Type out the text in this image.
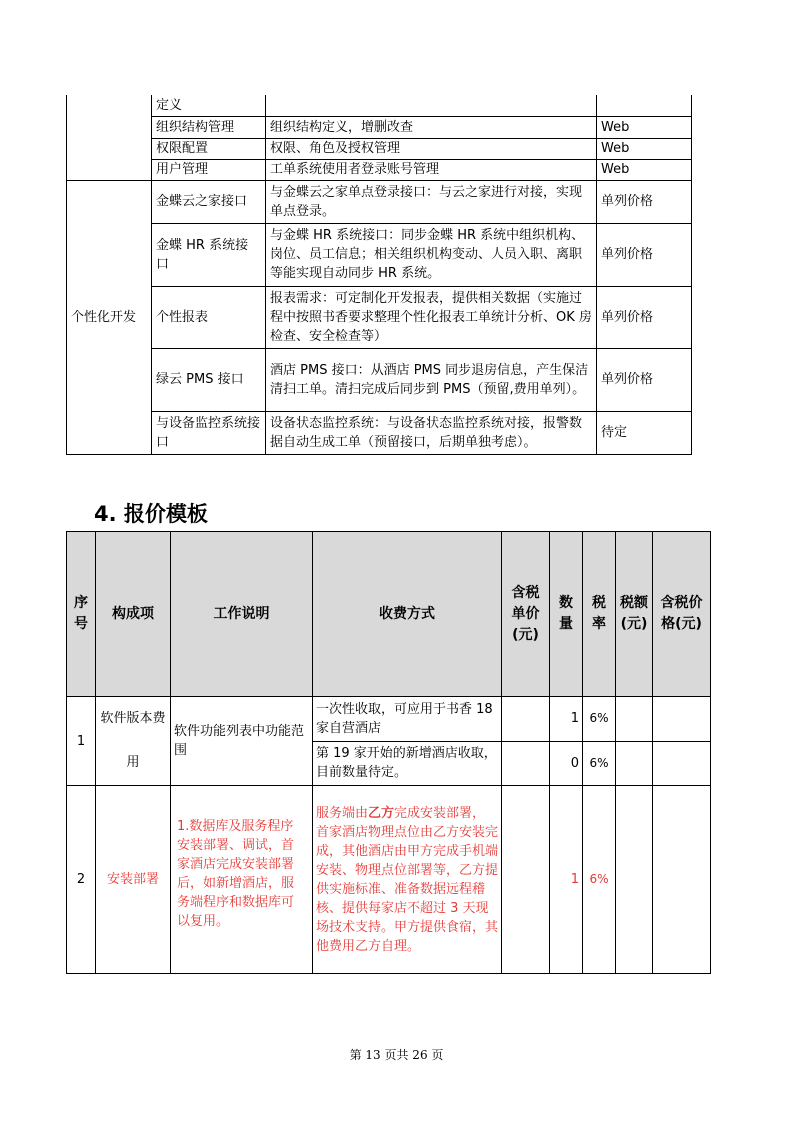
	定义		
	组织结构管理	组织结构定义，增删改查	Web
	权限配置	权限、角色及授权管理	Web
	用户管理	工单系统使用者登录账号管理	Web
个性化开发	金蝶云之家接口	与金蝶云之家单点登录接口：与云之家进行对接，实现单点登录。	单列价格
	金蝶 HR 系统接口	与金蝶 HR 系统接口：同步金蝶 HR 系统中组织机构、岗位、员工信息；相关组织机构变动、人员入职、离职等能实现自动同步 HR 系统。	单列价格
	个性报表	报表需求：可定制化开发报表，提供相关数据（实施过程中按照书香要求整理个性化报表工单统计分析、OK 房检查、安全检查等）	单列价格
	绿云 PMS 接口	酒店 PMS 接口：从酒店 PMS 同步退房信息，产生保洁清扫工单。清扫完成后同步到 PMS（预留,费用单列）。	单列价格
	与设备监控系统接口	设备状态监控系统：与设备状态监控系统对接，报警数据自动生成工单（预留接口，后期单独考虑）。	待定
4. 报价模板
序号	构成项	工作说明	收费方式	含税单价(元)	数量	税率	税额(元)	含税价格(元)
1	软件版本费用	软件功能列表中功能范围	一次性收取，可应用于书香 18 家自营酒店		1	6%		
			第 19 家开始的新增酒店收取，目前数量待定。		0	6%		
2	安装部署	1.数据库及服务程序安装部署、调试，首家酒店完成安装部署后，如新增酒店，服务端程序和数据库可以复用。	服务端由乙方完成安装部署，首家酒店物理点位由乙方安装完成，其他酒店由甲方完成手机端安装、物理点位部署等，乙方提供实施标准、准备数据远程稽核、提供每家店不超过 3 天现场技术支持。甲方提供食宿，其他费用乙方自理。		1	6%		
第 13 页共 26 页
